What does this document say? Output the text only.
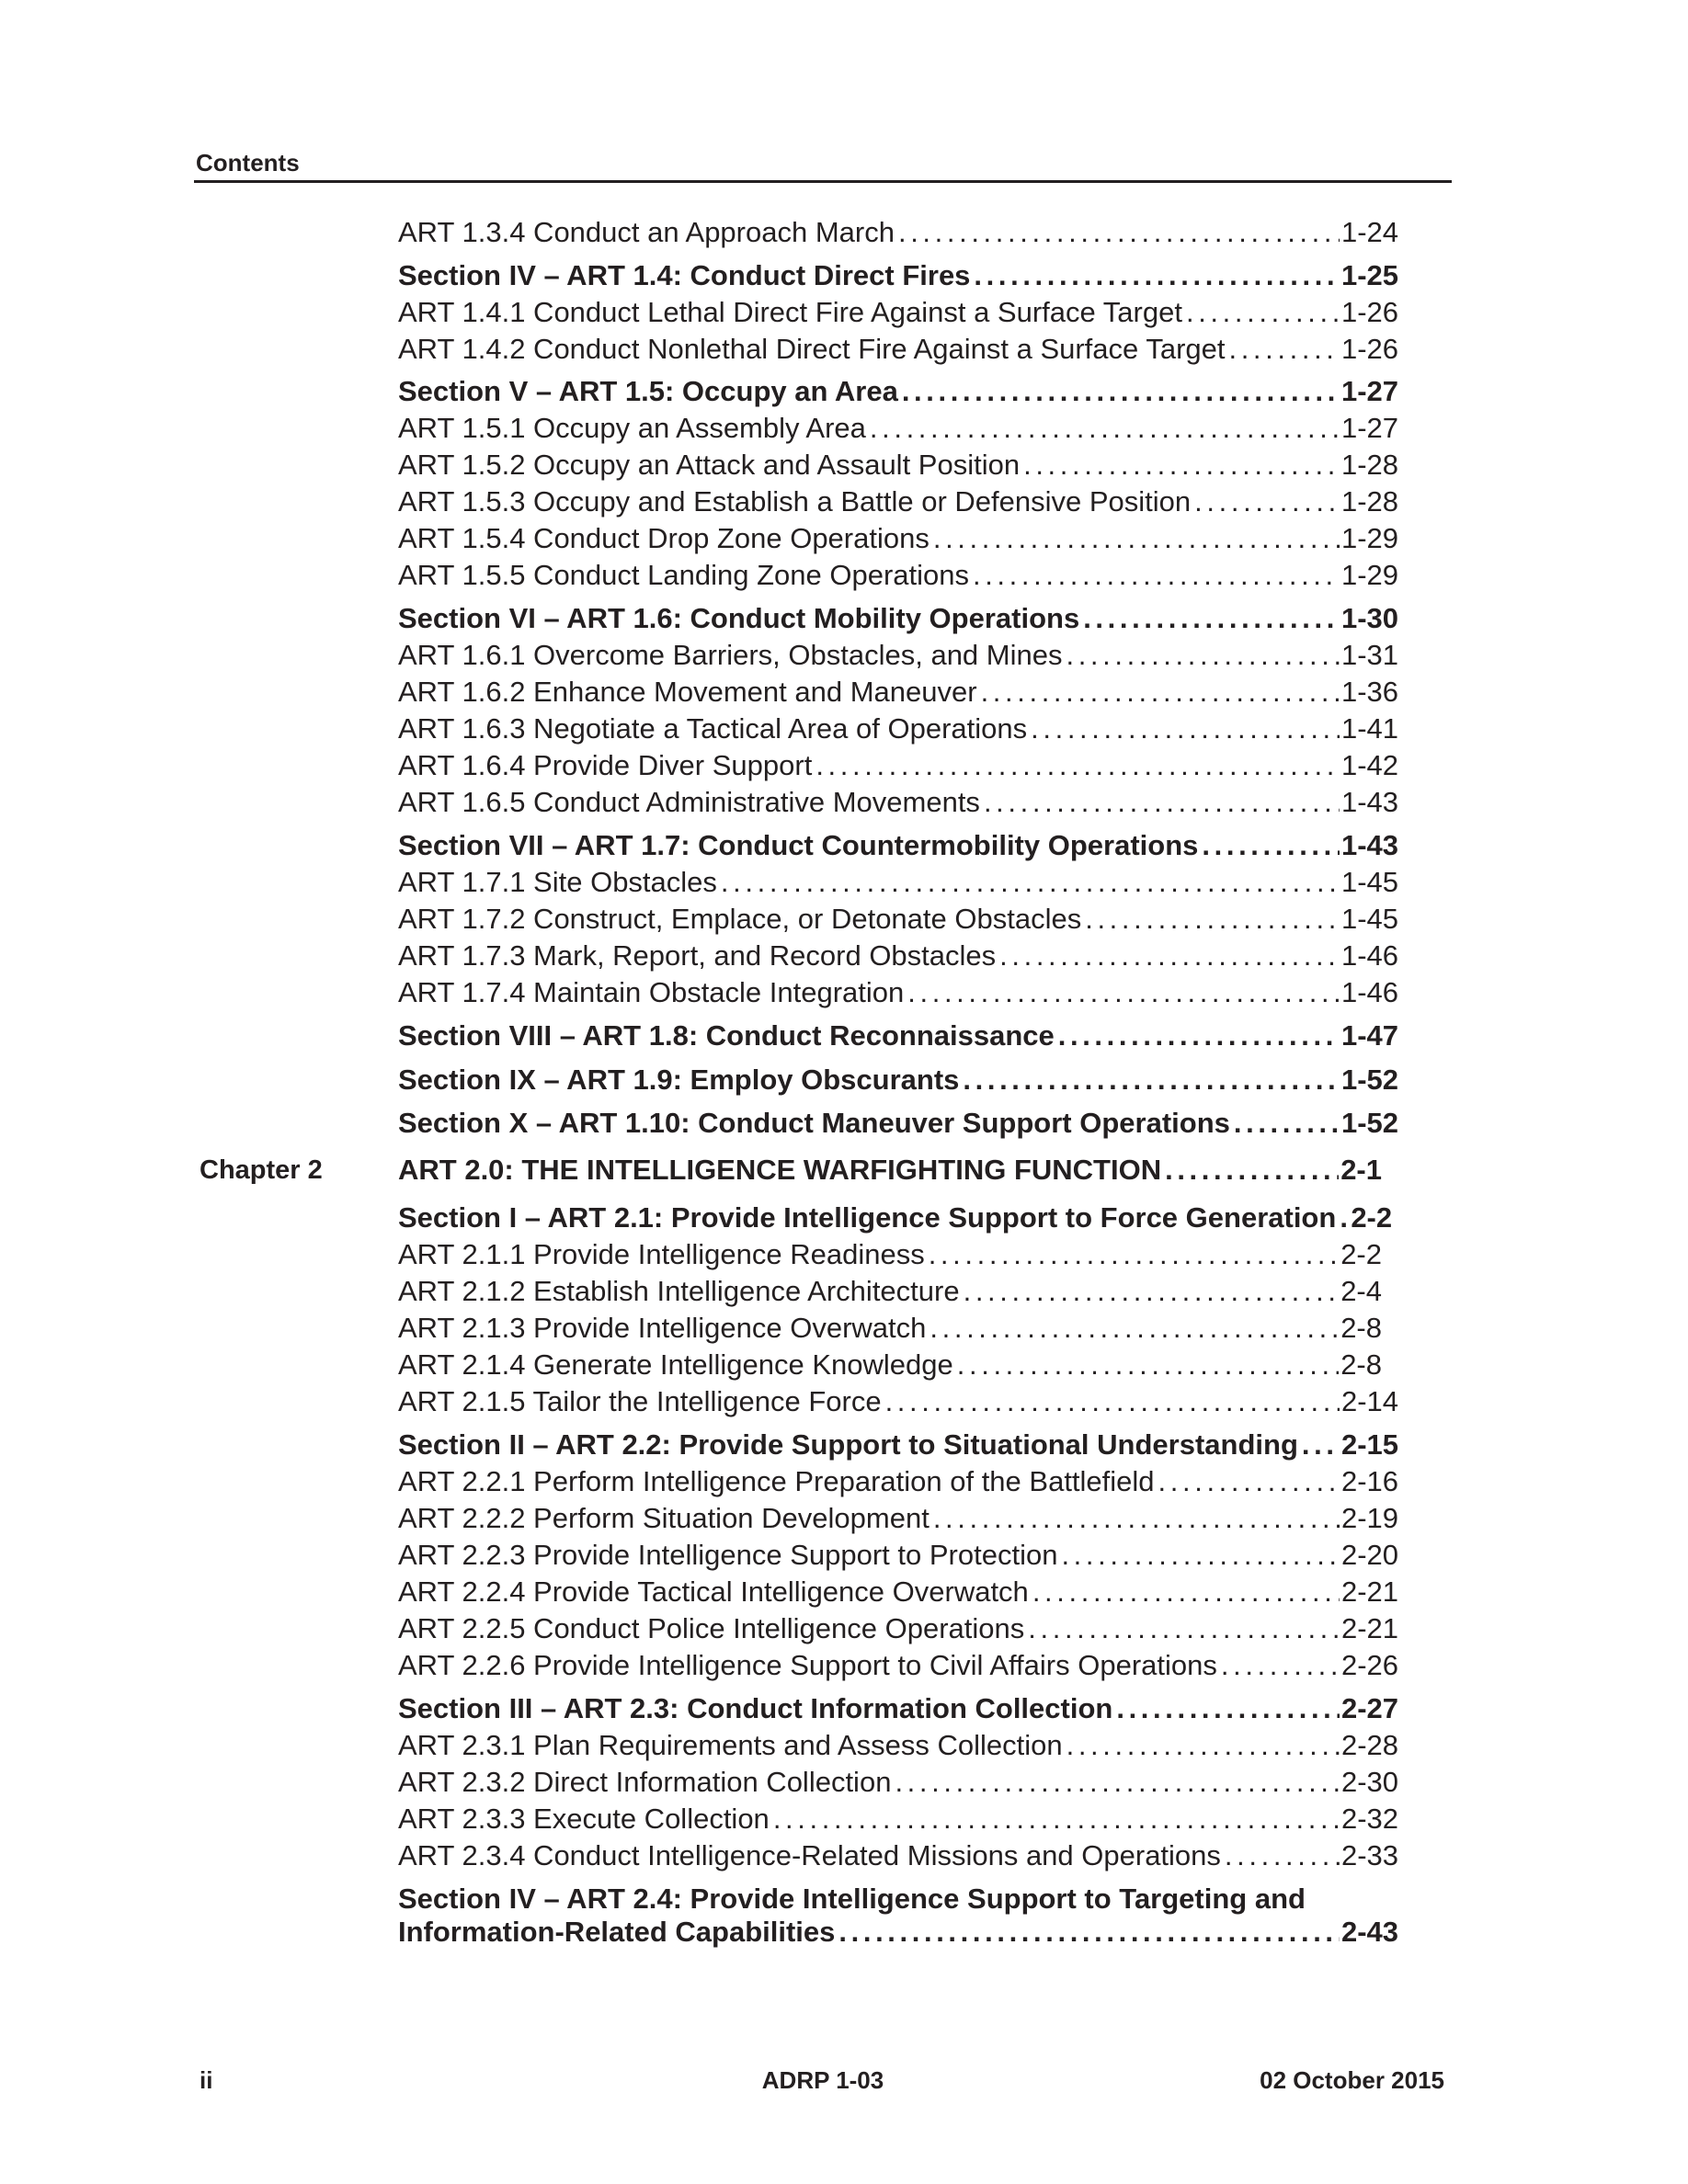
Contents
ART 1.3.4 Conduct an Approach March . . .	1-24
Section IV – ART 1.4: Conduct Direct Fires . . .	1-25
ART 1.4.1 Conduct Lethal Direct Fire Against a Surface Target . . .	1-26
ART 1.4.2 Conduct Nonlethal Direct Fire Against a Surface Target . . .	1-26
Section V – ART 1.5: Occupy an Area . . .	1-27
ART 1.5.1 Occupy an Assembly Area . . .	1-27
ART 1.5.2 Occupy an Attack and Assault Position . . .	1-28
ART 1.5.3 Occupy and Establish a Battle or Defensive Position . . .	1-28
ART 1.5.4 Conduct Drop Zone Operations . . .	1-29
ART 1.5.5 Conduct Landing Zone Operations . . .	1-29
Section VI – ART 1.6: Conduct Mobility Operations . . .	1-30
ART 1.6.1 Overcome Barriers, Obstacles, and Mines . . .	1-31
ART 1.6.2 Enhance Movement and Maneuver . . .	1-36
ART 1.6.3 Negotiate a Tactical Area of Operations . . .	1-41
ART 1.6.4 Provide Diver Support . . .	1-42
ART 1.6.5 Conduct Administrative Movements . . .	1-43
Section VII – ART 1.7: Conduct Countermobility Operations . . .	1-43
ART 1.7.1 Site Obstacles . . .	1-45
ART 1.7.2 Construct, Emplace, or Detonate Obstacles . . .	1-45
ART 1.7.3 Mark, Report, and Record Obstacles . . .	1-46
ART 1.7.4 Maintain Obstacle Integration . . .	1-46
Section VIII – ART 1.8: Conduct Reconnaissance . . .	1-47
Section IX – ART 1.9: Employ Obscurants . . .	1-52
Section X – ART 1.10: Conduct Maneuver Support Operations . . .	1-52
Chapter 2	ART 2.0: THE INTELLIGENCE WARFIGHTING FUNCTION . . .	2-1
Section I – ART 2.1: Provide Intelligence Support to Force Generation . . . 2-2
ART 2.1.1 Provide Intelligence Readiness . . .	2-2
ART 2.1.2 Establish Intelligence Architecture . . .	2-4
ART 2.1.3 Provide Intelligence Overwatch . . .	2-8
ART 2.1.4 Generate Intelligence Knowledge . . .	2-8
ART 2.1.5 Tailor the Intelligence Force . . .	2-14
Section II – ART 2.2: Provide Support to Situational Understanding . . . 2-15
ART 2.2.1 Perform Intelligence Preparation of the Battlefield . . .	2-16
ART 2.2.2 Perform Situation Development . . .	2-19
ART 2.2.3 Provide Intelligence Support to Protection . . .	2-20
ART 2.2.4 Provide Tactical Intelligence Overwatch . . .	2-21
ART 2.2.5 Conduct Police Intelligence Operations . . .	2-21
ART 2.2.6 Provide Intelligence Support to Civil Affairs Operations . . .	2-26
Section III – ART 2.3: Conduct Information Collection . . .	2-27
ART 2.3.1 Plan Requirements and Assess Collection . . .	2-28
ART 2.3.2 Direct Information Collection . . .	2-30
ART 2.3.3 Execute Collection . . .	2-32
ART 2.3.4 Conduct Intelligence-Related Missions and Operations . . .	2-33
Section IV – ART 2.4: Provide Intelligence Support to Targeting and
Information-Related Capabilities . . .	2-43
ii	ADRP 1-03	02 October 2015
